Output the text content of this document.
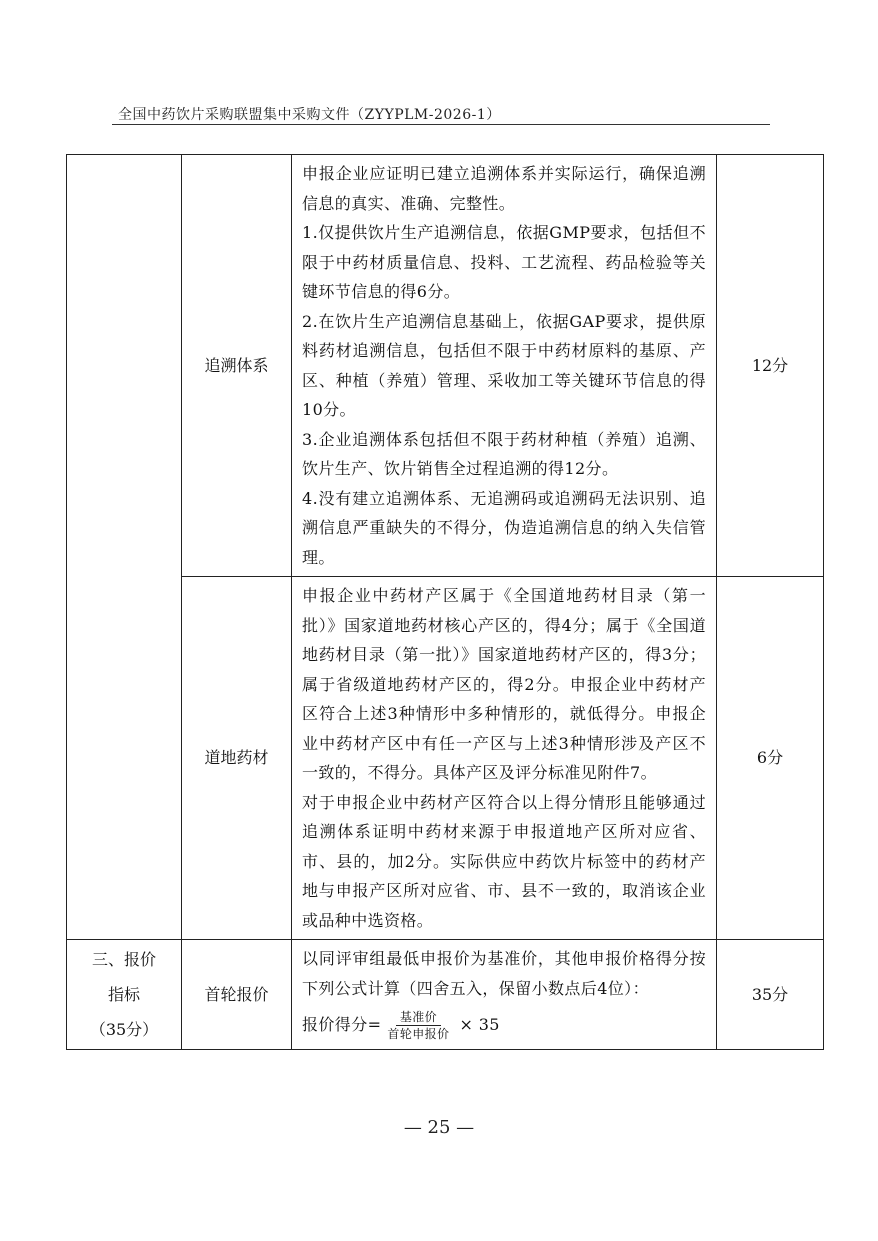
全国中药饮片采购联盟集中采购文件（ZYYPLM-2026-1）
	追溯体系	申报企业应证明已建立追溯体系并实际运行，确保追溯信息的真实、准确、完整性。
1.仅提供饮片生产追溯信息，依据GMP要求，包括但不限于中药材质量信息、投料、工艺流程、药品检验等关键环节信息的得6分。
2.在饮片生产追溯信息基础上，依据GAP要求，提供原料药材追溯信息，包括但不限于中药材原料的基原、产区、种植（养殖）管理、采收加工等关键环节信息的得10分。
3.企业追溯体系包括但不限于药材种植（养殖）追溯、饮片生产、饮片销售全过程追溯的得12分。
4.没有建立追溯体系、无追溯码或追溯码无法识别、追溯信息严重缺失的不得分，伪造追溯信息的纳入失信管理。	12分
	道地药材	申报企业中药材产区属于《全国道地药材目录（第一批）》国家道地药材核心产区的，得4分；属于《全国道地药材目录（第一批）》国家道地药材产区的，得3分；属于省级道地药材产区的，得2分。申报企业中药材产区符合上述3种情形中多种情形的，就低得分。申报企业中药材产区中有任一产区与上述3种情形涉及产区不一致的，不得分。具体产区及评分标准见附件7。
对于申报企业中药材产区符合以上得分情形且能够通过追溯体系证明中药材来源于申报道地产区所对应省、市、县的，加2分。实际供应中药饮片标签中的药材产地与申报产区所对应省、市、县不一致的，取消该企业或品种中选资格。	6分

三、报价
指标
（35分）	首轮报价	以同评审组最低申报价为基准价，其他申报价格得分按下列公式计算（四舍五入，保留小数点后4位）：
报价得分= $\frac{\text{基准价}}{\text{首轮申报价}} \times 35$	35分
— 25 —
